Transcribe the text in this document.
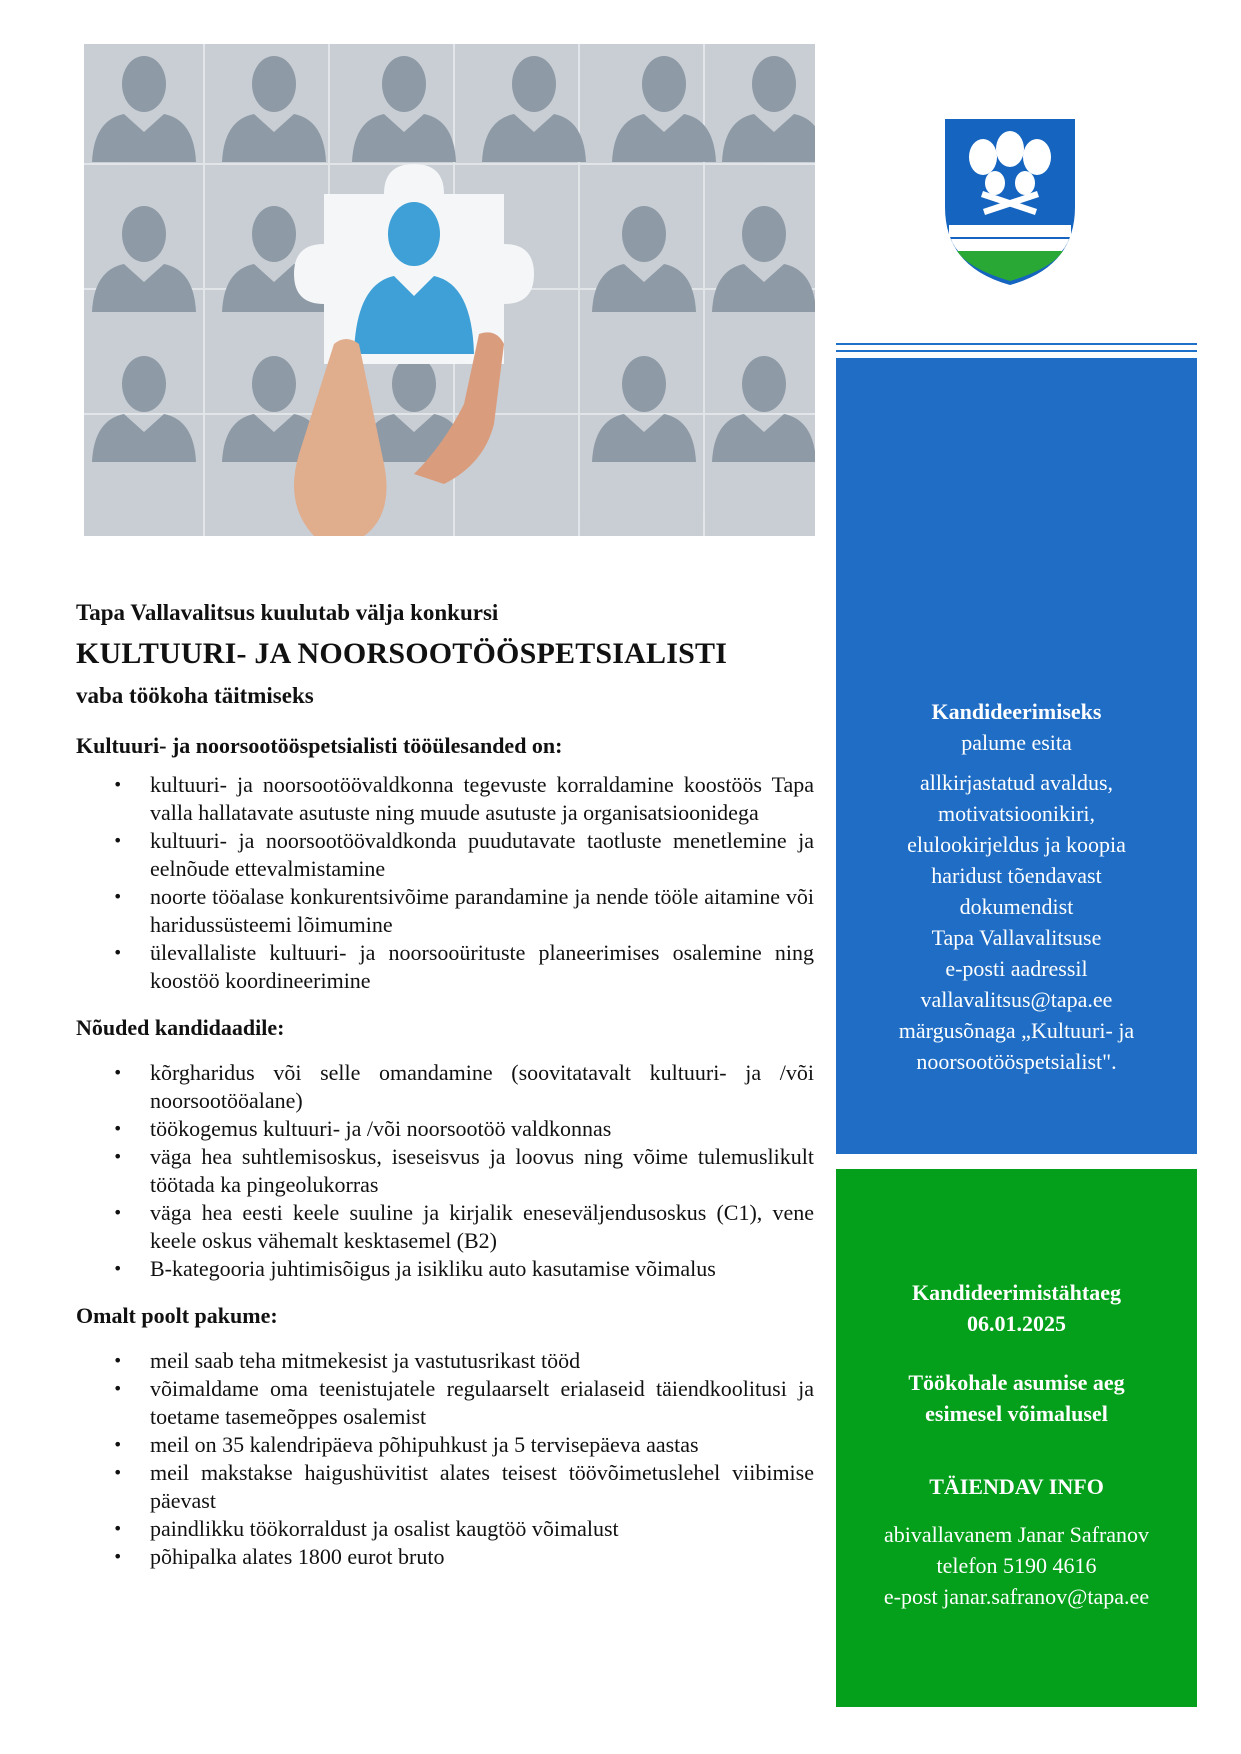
Kandideerimiseks

palume esita

allkirjastatud avaldus,

motivatsioonikiri,

elulookirjeldus ja koopia

haridust tõendavast

dokumendist

Tapa Vallavalitsuse

e-posti aadressil

vallavalitsus@tapa.ee

märgusõnaga „Kultuuri- ja

noorsootööspetsialist".

Kandideerimistähtaeg

06.01.2025

Töökohale asumise aeg

esimesel võimalusel

TÄIENDAV INFO

abivallavanem Janar Safranov

telefon 5190 4616

e-post janar.safranov@tapa.ee

Tapa Vallavalitsus kuulutab välja konkursi

KULTUURI- JA NOORSOOTÖÖSPETSIALISTI

vaba töökoha täitmiseks

Kultuuri- ja noorsootööspetsialisti tööülesanded on:

• kultuuri- ja noorsootöövaldkonna tegevuste korraldamine koostöös Tapa valla hallatavate asutuste ning muude asutuste ja organisatsioonidega
• kultuuri- ja noorsootöövaldkonda puudutavate taotluste menetlemine ja eelnõude ettevalmistamine
• noorte tööalase konkurentsivõime parandamine ja nende tööle aitamine või haridussüsteemi lõimumine
• ülevallaliste kultuuri- ja noorsooürituste planeerimises osalemine ning koostöö koordineerimine

Nõuded kandidaadile:

• kõrgharidus või selle omandamine (soovitatavalt kultuuri- ja /või noorsootööalane)
• töökogemus kultuuri- ja /või noorsootöö valdkonnas
• väga hea suhtlemisoskus, iseseisvus ja loovus ning võime tulemuslikult töötada ka pingeolukorras
• väga hea eesti keele suuline ja kirjalik eneseväljendusoskus (C1), vene keele oskus vähemalt kesktasemel (B2)
• B-kategooria juhtimisõigus ja isikliku auto kasutamise võimalus

Omalt poolt pakume:

• meil saab teha mitmekesist ja vastutusrikast tööd
• võimaldame oma teenistujatele regulaarselt erialaseid täiendkoolitusi ja toetame tasemeõppes osalemist
• meil on 35 kalendripäeva põhipuhkust ja 5 tervisepäeva aastas
• meil makstakse haigushüvitist alates teisest töövõimetuslehel viibimise päevast
• paindlikku töökorraldust ja osalist kaugtöö võimalust
• põhipalka alates 1800 eurot bruto
